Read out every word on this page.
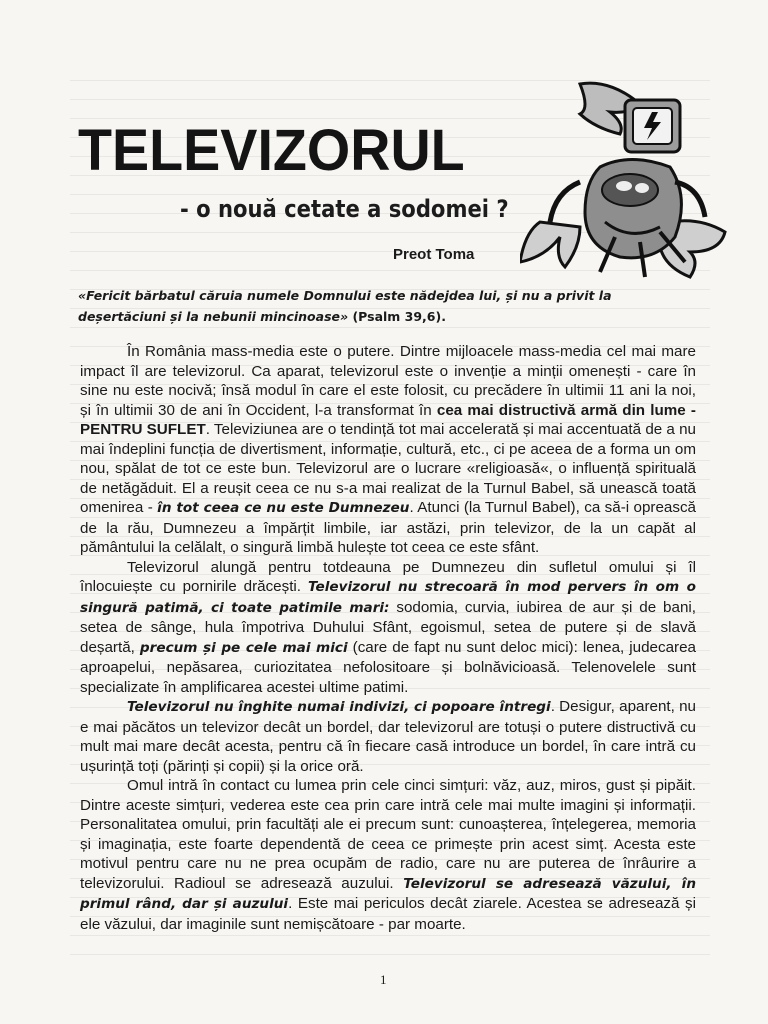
TELEVIZORUL
- o nouă cetate a sodomei ?

Preot Toma

«Fericit bărbatul căruia numele Domnului este nădejdea lui, și nu a privit la deșertăciuni și la nebunii mincinoase» (Psalm 39,6).

În România mass-media este o putere. Dintre mijloacele mass-media cel mai mare impact îl are televizorul. Ca aparat, televizorul este o invenție a minții omenești - care în sine nu este nocivă; însă modul în care el este folosit, cu precădere în ultimii 11 ani la noi, și în ultimii 30 de ani în Occident, l-a transformat în cea mai distructivă armă din lume - PENTRU SUFLET. Televiziunea are o tendință tot mai accelerată și mai accentuată de a nu mai îndeplini funcția de divertisment, informație, cultură, etc., ci pe aceea de a forma un om nou, spălat de tot ce este bun. Televizorul are o lucrare «religioasă«, o influență spirituală de netăgăduit. El a reușit ceea ce nu s-a mai realizat de la Turnul Babel, să unească toată omenirea - în tot ceea ce nu este Dumnezeu. Atunci (la Turnul Babel), ca să-i oprească de la rău, Dumnezeu a împărțit limbile, iar astăzi, prin televizor, de la un capăt al pământului la celălalt, o singură limbă hulește tot ceea ce este sfânt.

Televizorul alungă pentru totdeauna pe Dumnezeu din sufletul omului și îl înlocuiește cu pornirile drăcești. Televizorul nu strecoară în mod pervers în om o singură patimă, ci toate patimile mari: sodomia, curvia, iubirea de aur și de bani, setea de sânge, hula împotriva Duhului Sfânt, egoismul, setea de putere și de slavă deșartă, precum și pe cele mai mici (care de fapt nu sunt deloc mici): lenea, judecarea aproapelui, nepăsarea, curiozitatea nefolositoare și bolnăvicioasă. Telenovelele sunt specializate în amplificarea acestei ultime patimi.

Televizorul nu înghite numai indivizi, ci popoare întregi. Desigur, aparent, nu e mai păcătos un televizor decât un bordel, dar televizorul are totuși o putere distructivă cu mult mai mare decât acesta, pentru că în fiecare casă introduce un bordel, în care intră cu ușurință toți (părinți și copii) și la orice oră.

Omul intră în contact cu lumea prin cele cinci simțuri: văz, auz, miros, gust și pipăit. Dintre aceste simțuri, vederea este cea prin care intră cele mai multe imagini și informații. Personalitatea omului, prin facultăți ale ei precum sunt: cunoașterea, înțelegerea, memoria și imaginația, este foarte dependentă de ceea ce primește prin acest simț. Acesta este motivul pentru care nu ne prea ocupăm de radio, care nu are puterea de înrâurire a televizorului. Radioul se adresează auzului. Televizorul se adresează văzului, în primul rând, dar și auzului. Este mai periculos decât ziarele. Acestea se adresează și ele văzului, dar imaginile sunt nemișcătoare - par moarte.

1
